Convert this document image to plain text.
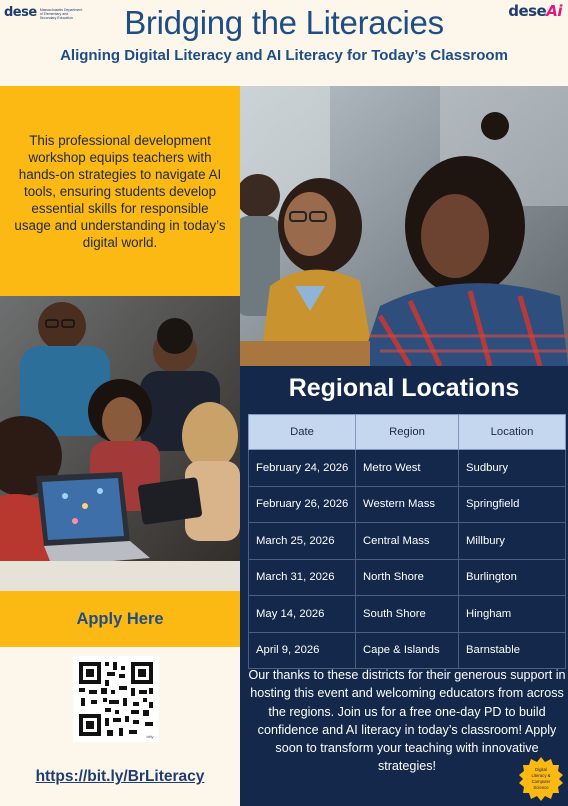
dese Massachusetts Department of Elementary and Secondary Education	deseAi
Bridging the Literacies
Aligning Digital Literacy and AI Literacy for Today’s Classroom

This professional development workshop equips teachers with hands-on strategies to navigate AI tools, ensuring students develop essential skills for responsible usage and understanding in today’s digital world.

Regional Locations
Date	Region	Location
February 24, 2026	Metro West	Sudbury
February 26, 2026	Western Mass	Springfield
March 25, 2026	Central Mass	Millbury
March 31, 2026	North Shore	Burlington
May 14, 2026	South Shore	Hingham
April 9, 2026	Cape & Islands	Barnstable
Our thanks to these districts for their generous support in hosting this event and welcoming educators from across the regions. Join us for a free one-day PD to build confidence and AI literacy in today’s classroom! Apply soon to transform your teaching with innovative strategies!	Digital
Literacy &
Computer
Science
Apply Here
bitly
https://bit.ly/BrLiteracy
